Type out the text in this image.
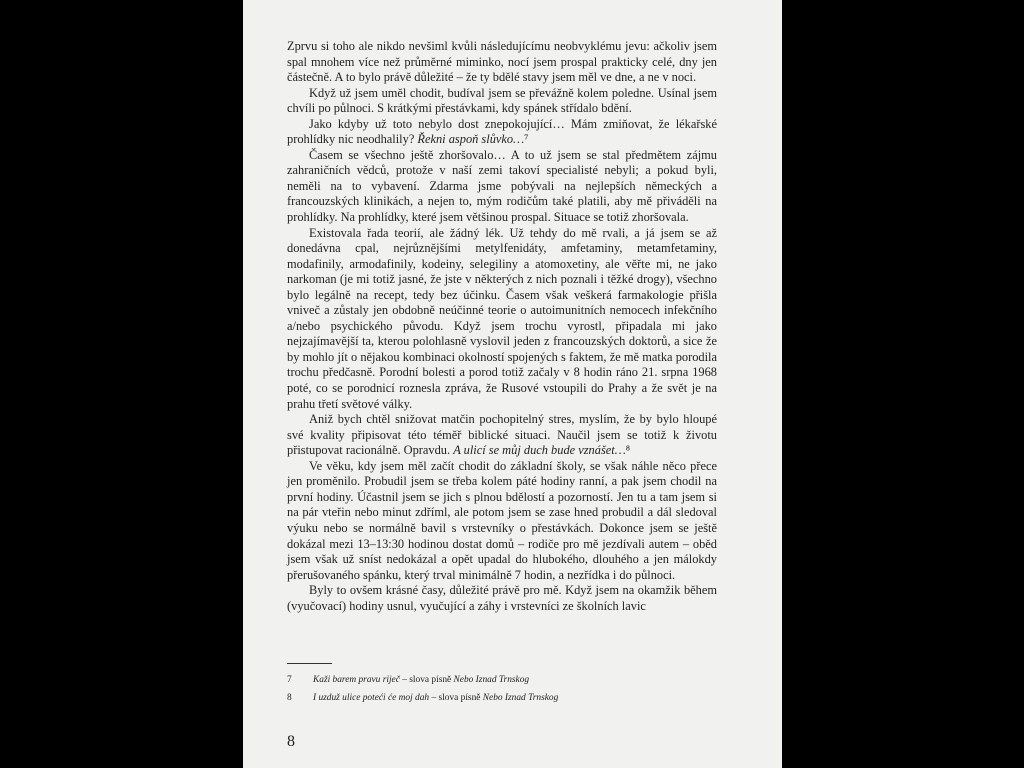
Zprvu si toho ale nikdo nevšiml kvůli následujícímu neobvyklému jevu: ačkoliv jsem spal mnohem více než průměrné miminko, nocí jsem prospal prakticky celé, dny jen částečně. A to bylo právě důležité – že ty bdělé stavy jsem měl ve dne, a ne v noci.

Když už jsem uměl chodit, budíval jsem se převážně kolem poledne. Usínal jsem chvíli po půlnoci. S krátkými přestávkami, kdy spánek střídalo bdění.

Jako kdyby už toto nebylo dost znepokojující… Mám zmiňovat, že lékařské prohlídky nic neodhalily? Řekni aspoň slůvko…⁷

Časem se všechno ještě zhoršovalo… A to už jsem se stal předmětem zájmu zahraničních vědců, protože v naší zemi takoví specialisté nebyli; a pokud byli, neměli na to vybavení. Zdarma jsme pobývali na nejlepších německých a francouzských klinikách, a nejen to, mým rodičům také platili, aby mě přiváděli na prohlídky. Na prohlídky, které jsem většinou prospal. Situace se totiž zhoršovala.

Existovala řada teorií, ale žádný lék. Už tehdy do mě rvali, a já jsem se až donedávna cpal, nejrůznějšími metylfenidáty, amfetaminy, metamfetaminy, modafinily, armodafinily, kodeiny, selegiliny a atomoxetiny, ale věřte mi, ne jako narkoman (je mi totiž jasné, že jste v některých z nich poznali i těžké drogy), všechno bylo legálně na recept, tedy bez účinku. Časem však veškerá farmakologie přišla vniveč a zůstaly jen obdobně neúčinné teorie o autoimunitních nemocech infekčního a/nebo psychického původu. Když jsem trochu vyrostl, připadala mi jako nejzajímavější ta, kterou polohlasně vyslovil jeden z francouzských doktorů, a sice že by mohlo jít o nějakou kombinaci okolností spojených s faktem, že mě matka porodila trochu předčasně. Porodní bolesti a porod totiž začaly v 8 hodin ráno 21. srpna 1968 poté, co se porodnicí roznesla zpráva, že Rusové vstoupili do Prahy a že svět je na prahu třetí světové války.

Aniž bych chtěl snižovat matčin pochopitelný stres, myslím, že by bylo hloupé své kvality připisovat této téměř biblické situaci. Naučil jsem se totiž k životu přistupovat racionálně. Opravdu. A ulicí se můj duch bude vznášet…⁸

Ve věku, kdy jsem měl začít chodit do základní školy, se však náhle něco přece jen proměnilo. Probudil jsem se třeba kolem páté hodiny ranní, a pak jsem chodil na první hodiny. Účastnil jsem se jich s plnou bdělostí a pozorností. Jen tu a tam jsem si na pár vteřin nebo minut zdříml, ale potom jsem se zase hned probudil a dál sledoval výuku nebo se normálně bavil s vrstevníky o přestávkách. Dokonce jsem se ještě dokázal mezi 13–13:30 hodinou dostat domů – rodiče pro mě jezdívali autem – oběd jsem však už sníst nedokázal a opět upadal do hlubokého, dlouhého a jen málokdy přerušovaného spánku, který trval minimálně 7 hodin, a nezřídka i do půlnoci.

Byly to ovšem krásné časy, důležité právě pro mě. Když jsem na okamžik během (vyučovací) hodiny usnul, vyučující a záhy i vrstevníci ze školních lavic

7	Kaži barem pravu riječ – slova písně Nebo Iznad Trnskog
8	I uzduž ulice poteći će moj dah – slova písně Nebo Iznad Trnskog
8
